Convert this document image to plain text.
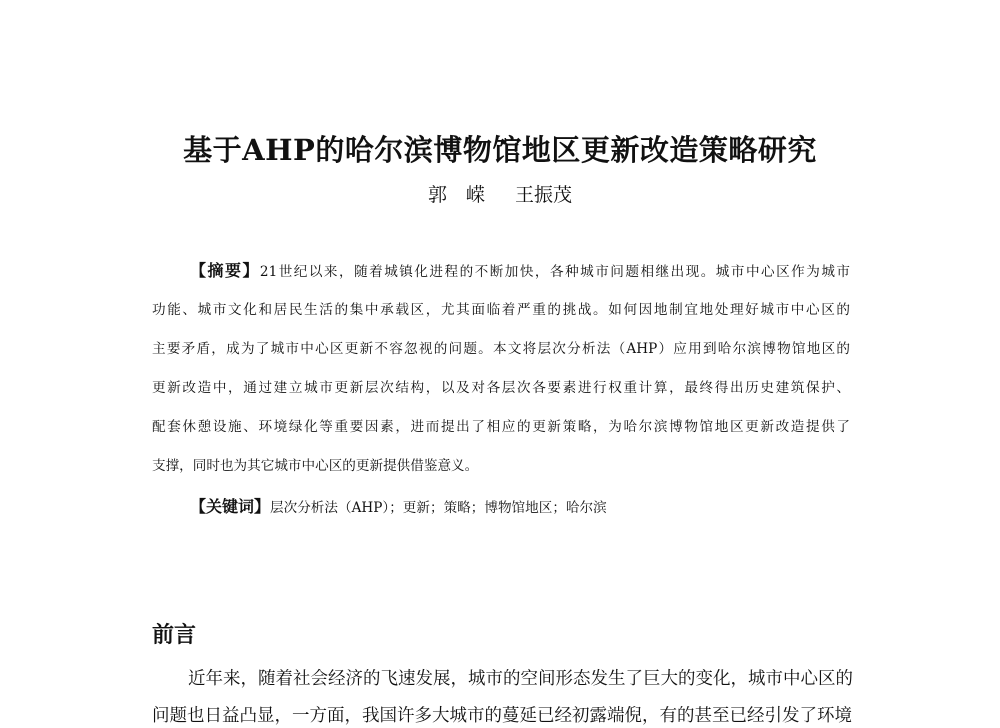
基于AHP的哈尔滨博物馆地区更新改造策略研究
郭　嵘 王振茂
【摘要】21世纪以来，随着城镇化进程的不断加快，各种城市问题相继出现。城市中心区作为城市
功能、城市文化和居民生活的集中承载区，尤其面临着严重的挑战。如何因地制宜地处理好城市中心区的
主要矛盾，成为了城市中心区更新不容忽视的问题。本文将层次分析法（AHP）应用到哈尔滨博物馆地区的
更新改造中，通过建立城市更新层次结构，以及对各层次各要素进行权重计算，最终得出历史建筑保护、
配套休憩设施、环境绿化等重要因素，进而提出了相应的更新策略，为哈尔滨博物馆地区更新改造提供了
支撑，同时也为其它城市中心区的更新提供借鉴意义。
【关键词】层次分析法（AHP）；更新；策略；博物馆地区；哈尔滨
前言
近年来，随着社会经济的飞速发展，城市的空间形态发生了巨大的变化，城市中心区的
问题也日益凸显，一方面，我国许多大城市的蔓延已经初露端倪，有的甚至已经引发了环境
